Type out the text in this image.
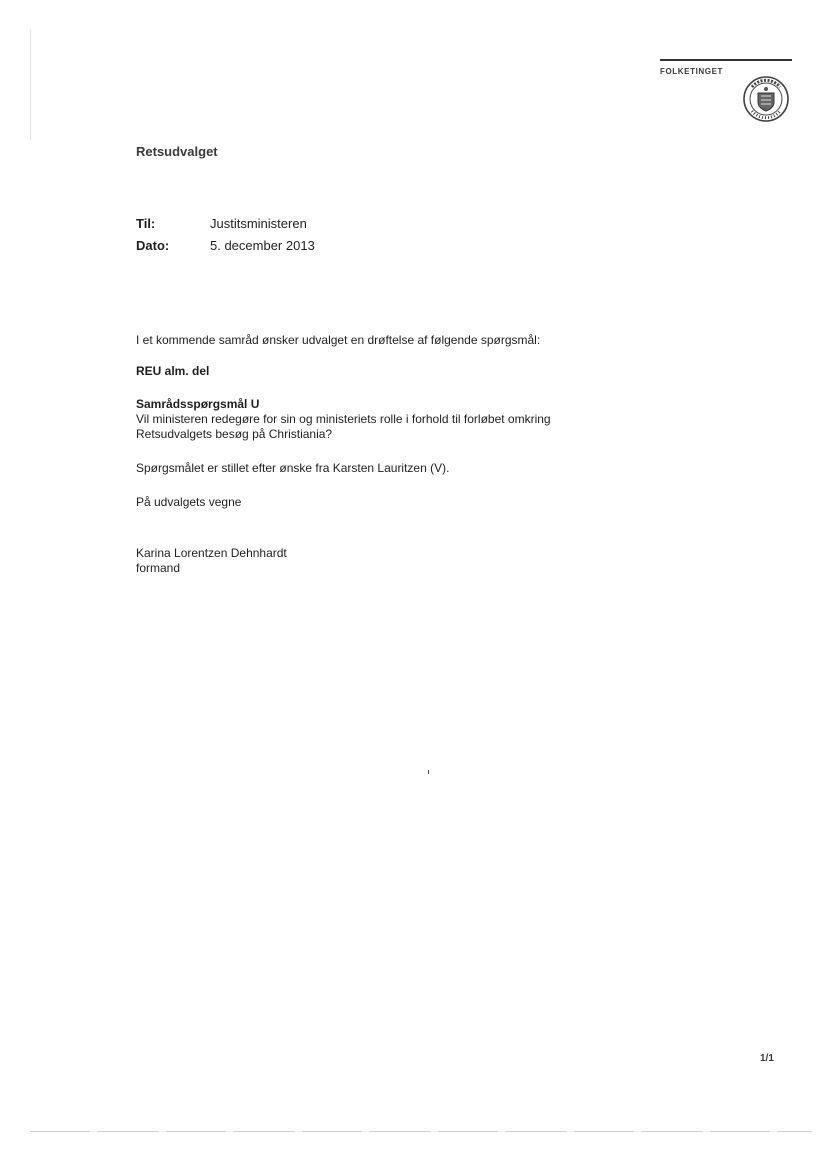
FOLKETINGET
Retsudvalget
Til:	Justitsministeren
Dato:	5. december 2013
I et kommende samråd ønsker udvalget en drøftelse af følgende spørgsmål:
REU alm. del
Samrådsspørgsmål U
Vil ministeren redegøre for sin og ministeriets rolle i forhold til forløbet omkring
Retsudvalgets besøg på Christiania?
Spørgsmålet er stillet efter ønske fra Karsten Lauritzen (V).
På udvalgets vegne
Karina Lorentzen Dehnhardt
formand
1/1
